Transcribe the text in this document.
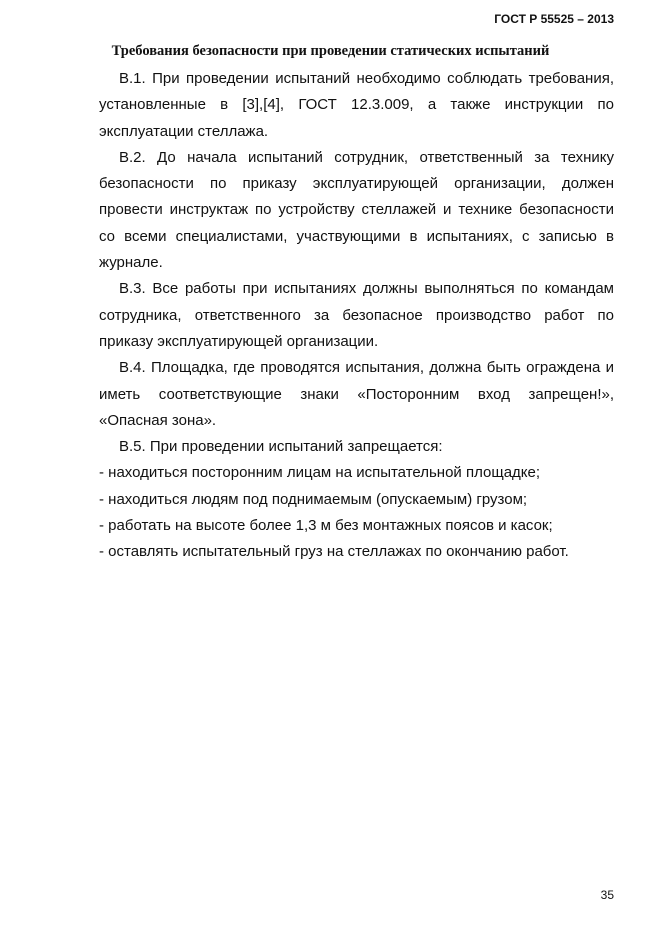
ГОСТ Р 55525 – 2013
Требования безопасности при проведении статических испытаний

В.1. При проведении испытаний необходимо соблюдать требования, установленные в [3],[4], ГОСТ 12.3.009, а также инструкции по эксплуатации стеллажа.

В.2. До начала испытаний сотрудник, ответственный за технику безопасности по приказу эксплуатирующей организации, должен провести инструктаж по устройству стеллажей и технике безопасности со всеми специалистами, участвующими в испытаниях, с записью в журнале.

В.3. Все работы при испытаниях должны выполняться по командам сотрудника, ответственного за безопасное производство работ по приказу эксплуатирующей организации.

В.4. Площадка, где проводятся испытания, должна быть ограждена и иметь соответствующие знаки «Посторонним вход запрещен!», «Опасная зона».

В.5. При проведении испытаний запрещается:

- находиться посторонним лицам на испытательной площадке;

- находиться людям под поднимаемым (опускаемым) грузом;

- работать на высоте более 1,3 м без монтажных поясов и касок;

- оставлять испытательный груз на стеллажах по окончанию работ.

35
